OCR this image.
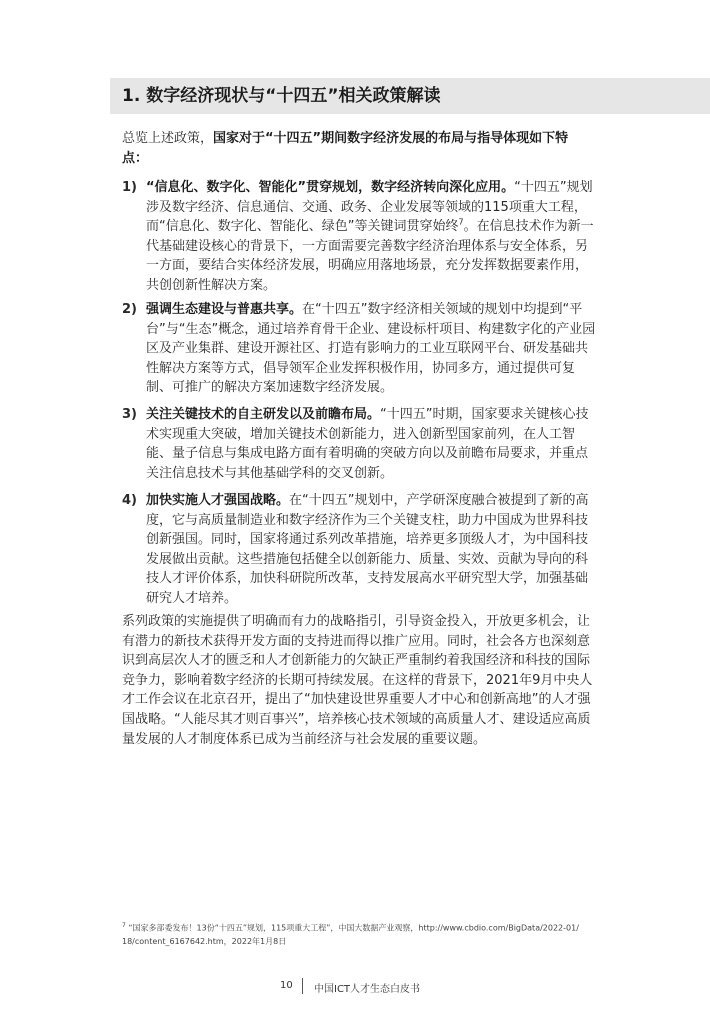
1. 数字经济现状与“十四五”相关政策解读
总览上述政策，国家对于“十四五”期间数字经济发展的布局与指导体现如下特点：
1) “信息化、数字化、智能化”贯穿规划，数字经济转向深化应用。“十四五”规划涉及数字经济、信息通信、交通、政务、企业发展等领域的115项重大工程，而“信息化、数字化、智能化、绿色”等关键词贯穿始终$^7$。在信息技术作为新一代基础建设核心的背景下，一方面需要完善数字经济治理体系与安全体系，另一方面，要结合实体经济发展，明确应用落地场景，充分发挥数据要素作用，共创创新性解决方案。
2) 强调生态建设与普惠共享。在“十四五”数字经济相关领域的规划中均提到“平台”与“生态”概念，通过培养育骨干企业、建设标杆项目、构建数字化的产业园区及产业集群、建设开源社区、打造有影响力的工业互联网平台、研发基础共性解决方案等方式，倡导领军企业发挥积极作用，协同多方，通过提供可复制、可推广的解决方案加速数字经济发展。
3) 关注关键技术的自主研发以及前瞻布局。“十四五”时期，国家要求关键核心技术实现重大突破，增加关键技术创新能力，进入创新型国家前列，在人工智能、量子信息与集成电路方面有着明确的突破方向以及前瞻布局要求，并重点关注信息技术与其他基础学科的交叉创新。
4) 加快实施人才强国战略。在“十四五”规划中，产学研深度融合被提到了新的高度，它与高质量制造业和数字经济作为三个关键支柱，助力中国成为世界科技创新强国。同时，国家将通过系列改革措施，培养更多顶级人才，为中国科技发展做出贡献。这些措施包括健全以创新能力、质量、实效、贡献为导向的科技人才评价体系，加快科研院所改革，支持发展高水平研究型大学，加强基础研究人才培养。
系列政策的实施提供了明确而有力的战略指引，引导资金投入，开放更多机会，让有潜力的新技术获得开发方面的支持进而得以推广应用。同时，社会各方也深刻意识到高层次人才的匮乏和人才创新能力的欠缺正严重制约着我国经济和科技的国际竞争力，影响着数字经济的长期可持续发展。在这样的背景下，2021年9月中央人才工作会议在北京召开，提出了“加快建设世界重要人才中心和创新高地”的人才强国战略。“人能尽其才则百事兴”，培养核心技术领域的高质量人才、建设适应高质量发展的人才制度体系已成为当前经济与社会发展的重要议题。
$^7$ “国家多部委发布！13份“十四五”规划，115项重大工程”，中国大数据产业观察，http://www.cbdio.com/BigData/2022-01/18/content_6167642.htm，2022年1月8日
10 中国ICT人才生态白皮书
